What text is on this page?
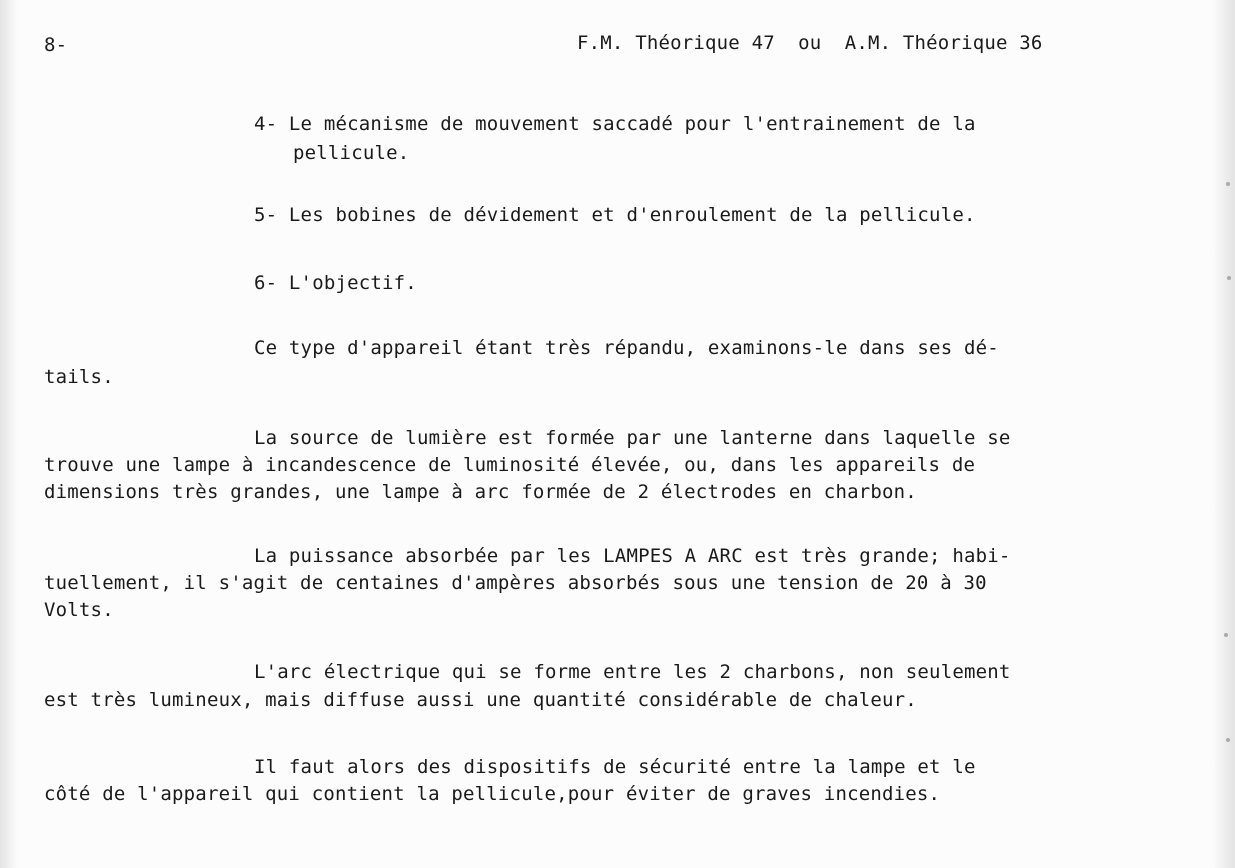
8-	F.M. Théorique 47  ou  A.M. Théorique 36
4- Le mécanisme de mouvement saccadé pour l'entrainement de la
pellicule.
5- Les bobines de dévidement et d'enroulement de la pellicule.
6- L'objectif.
Ce type d'appareil étant très répandu, examinons-le dans ses dé-
tails.
La source de lumière est formée par une lanterne dans laquelle se
trouve une lampe à incandescence de luminosité élevée, ou, dans les appareils de
dimensions très grandes, une lampe à arc formée de 2 électrodes en charbon.
La puissance absorbée par les LAMPES A ARC est très grande; habi-
tuellement, il s'agit de centaines d'ampères absorbés sous une tension de 20 à 30
Volts.
L'arc électrique qui se forme entre les 2 charbons, non seulement
est très lumineux, mais diffuse aussi une quantité considérable de chaleur.
Il faut alors des dispositifs de sécurité entre la lampe et le
côté de l'appareil qui contient la pellicule,pour éviter de graves incendies.
